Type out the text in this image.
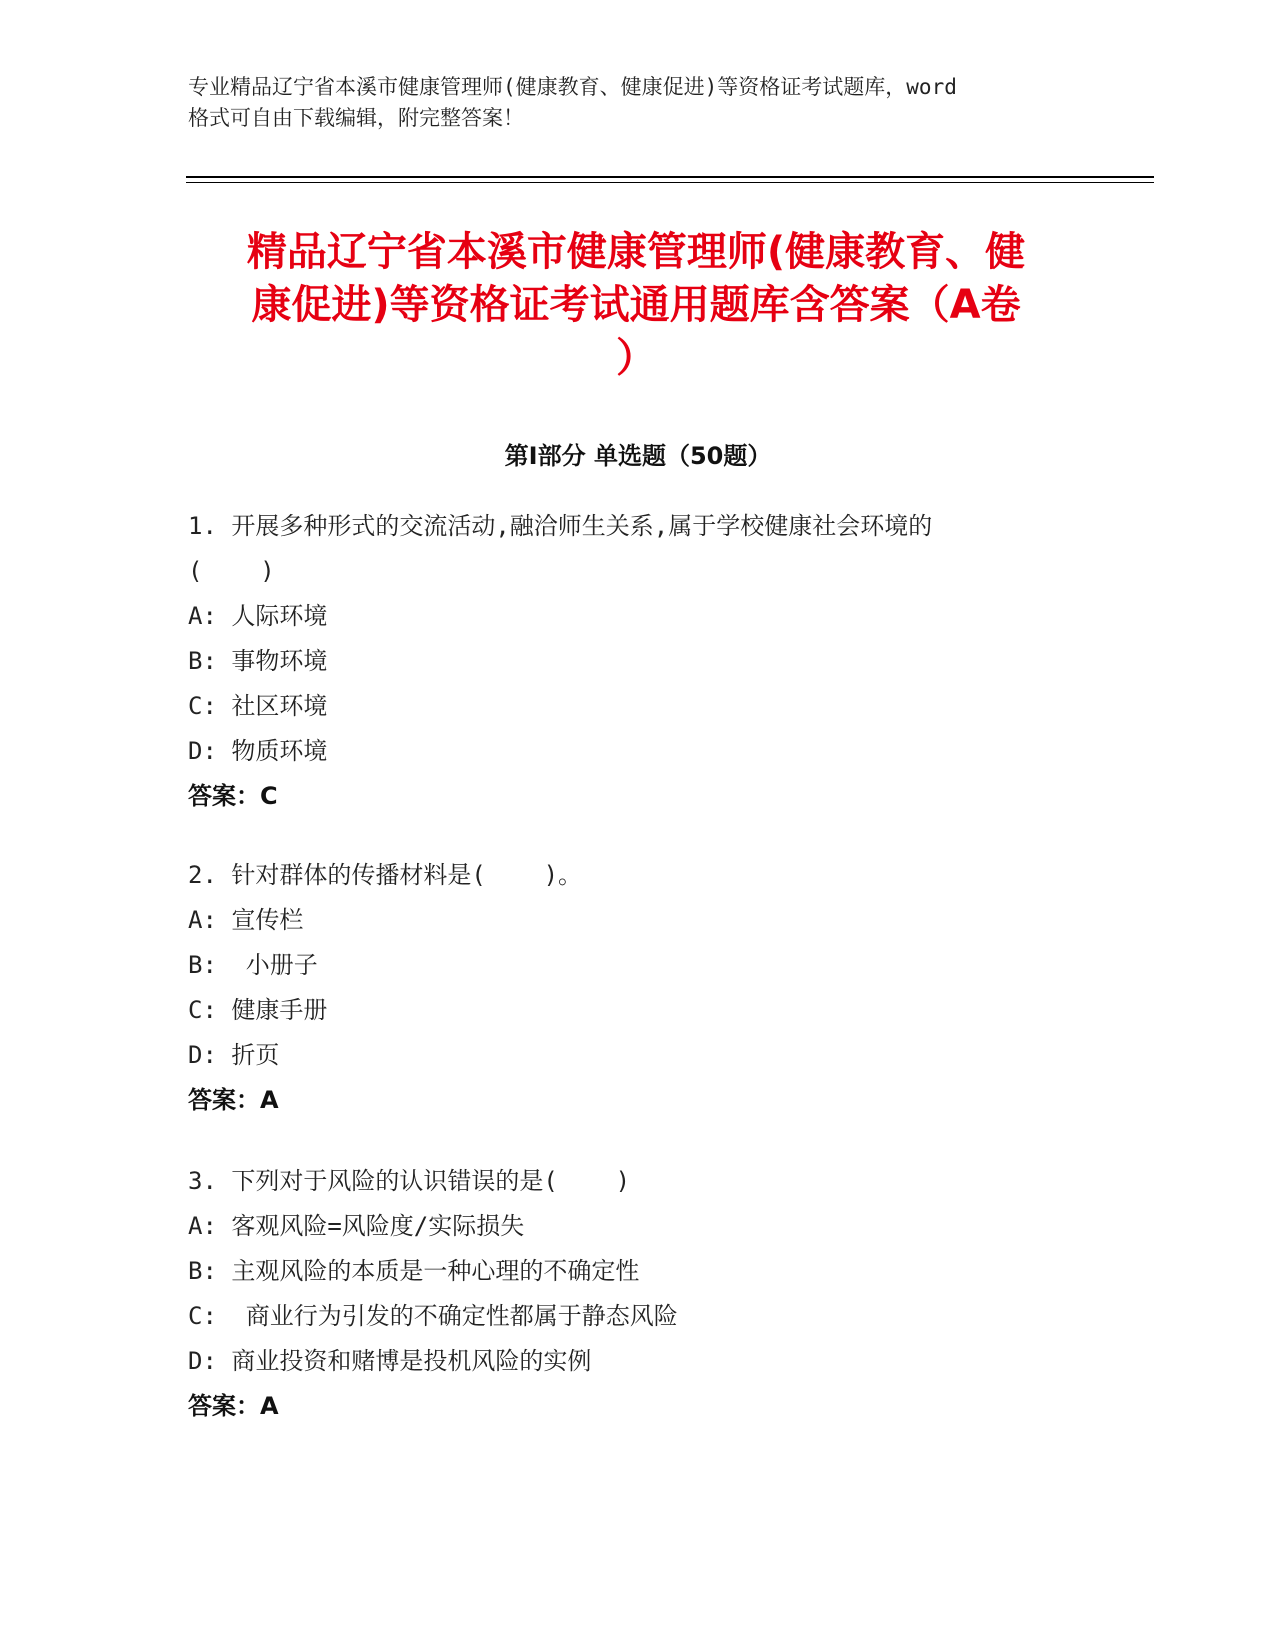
专业精品辽宁省本溪市健康管理师(健康教育、健康促进)等资格证考试题库，word
格式可自由下载编辑，附完整答案！
精品辽宁省本溪市健康管理师(健康教育、健
康促进)等资格证考试通用题库含答案（A卷
）
第Ⅰ部分 单选题（50题）
1. 开展多种形式的交流活动,融洽师生关系,属于学校健康社会环境的
(    )
A: 人际环境
B: 事物环境
C: 社区环境
D: 物质环境
答案：C
2. 针对群体的传播材料是(    )。
A: 宣传栏
B:  小册子
C: 健康手册
D: 折页
答案：A
3. 下列对于风险的认识错误的是(    )
A: 客观风险=风险度/实际损失
B: 主观风险的本质是一种心理的不确定性
C:  商业行为引发的不确定性都属于静态风险
D: 商业投资和赌博是投机风险的实例
答案：A
